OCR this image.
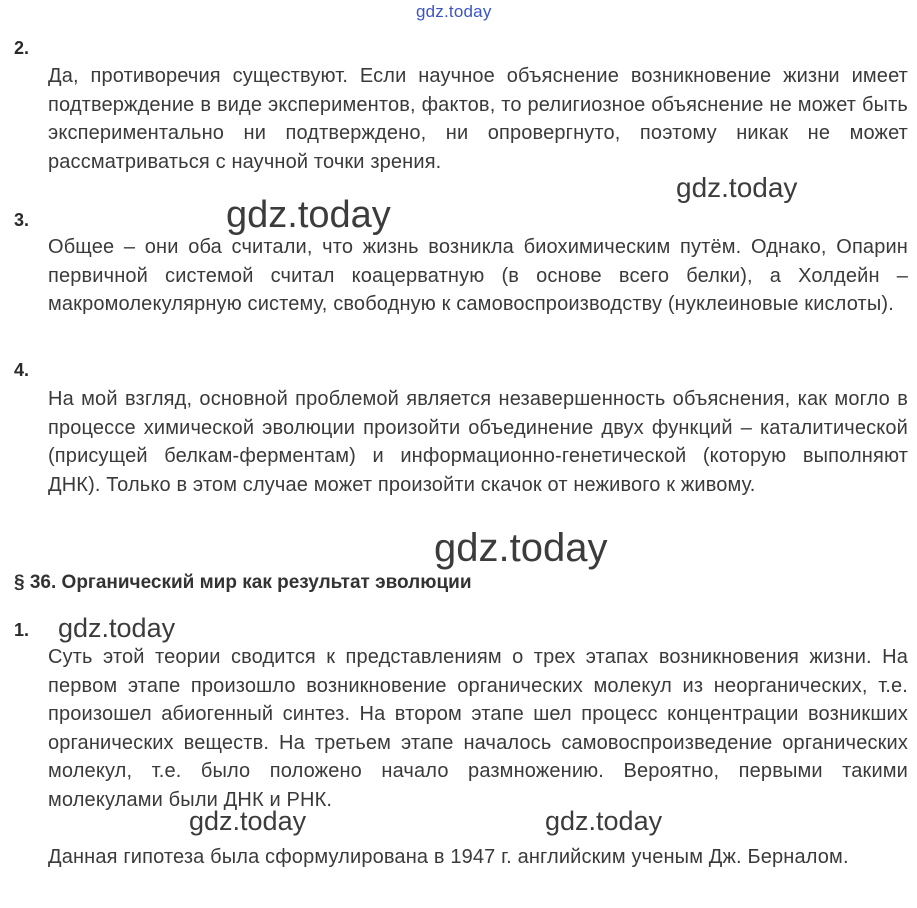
gdz.today
gdz.today
gdz.today
gdz.today
gdz.today
gdz.today	gdz.today
2.
Да, противоречия существуют. Если научное объяснение возникновение жизни имеет подтверждение в виде экспериментов, фактов, то религиозное объяснение не может быть экспериментально ни подтверждено, ни опровергнуто, поэтому никак не может рассматриваться с научной точки зрения.
3.
Общее – они оба считали, что жизнь возникла биохимическим путём. Однако, Опарин первичной системой считал коацерватную (в основе всего белки), а Холдейн – макромолекулярную систему, свободную к самовоспроизводству (нуклеиновые кислоты).
4.
На мой взгляд, основной проблемой является незавершенность объяснения, как могло в процессе химической эволюции произойти объединение двух функций – каталитической (присущей белкам-ферментам) и информационно-генетической (которую выполняют ДНК). Только в этом случае может произойти скачок от неживого к живому.
§ 36. Органический мир как результат эволюции
1.
Суть этой теории сводится к представлениям о трех этапах возникновения жизни. На первом этапе произошло возникновение органических молекул из неорганических, т.е. произошел абиогенный синтез. На втором этапе шел процесс концентрации возникших органических веществ. На третьем этапе началось самовоспроизведение органических молекул, т.е. было положено начало размножению. Вероятно, первыми такими молекулами были ДНК и РНК.
Данная гипотеза была сформулирована в 1947 г. английским ученым Дж. Берналом.
